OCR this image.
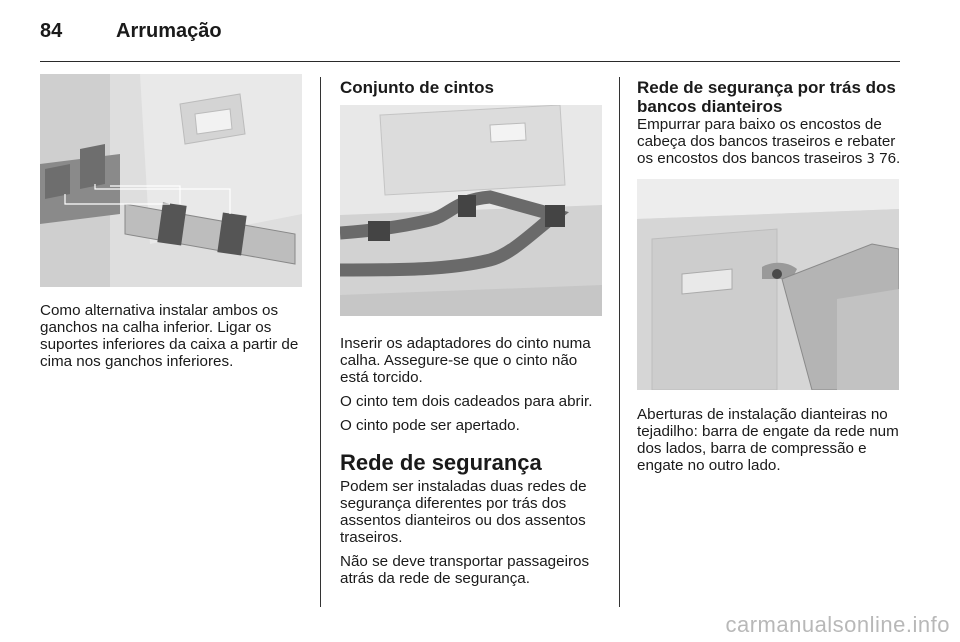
84	Arrumação

Como alternativa instalar ambos os ganchos na calha inferior. Ligar os suportes inferiores da caixa a partir de cima nos ganchos inferiores.

Conjunto de cintos

Inserir os adaptadores do cinto numa calha. Assegure-se que o cinto não está torcido.

O cinto tem dois cadeados para abrir.

O cinto pode ser apertado.

Rede de segurança

Podem ser instaladas duas redes de segurança diferentes por trás dos assentos dianteiros ou dos assentos traseiros.

Não se deve transportar passageiros atrás da rede de segurança.

Rede de segurança por trás dos bancos dianteiros

Empurrar para baixo os encostos de cabeça dos bancos traseiros e rebater os encostos dos bancos traseiros 3 76.

Aberturas de instalação dianteiras no tejadilho: barra de engate da rede num dos lados, barra de compressão e engate no outro lado.

carmanualsonline.info
